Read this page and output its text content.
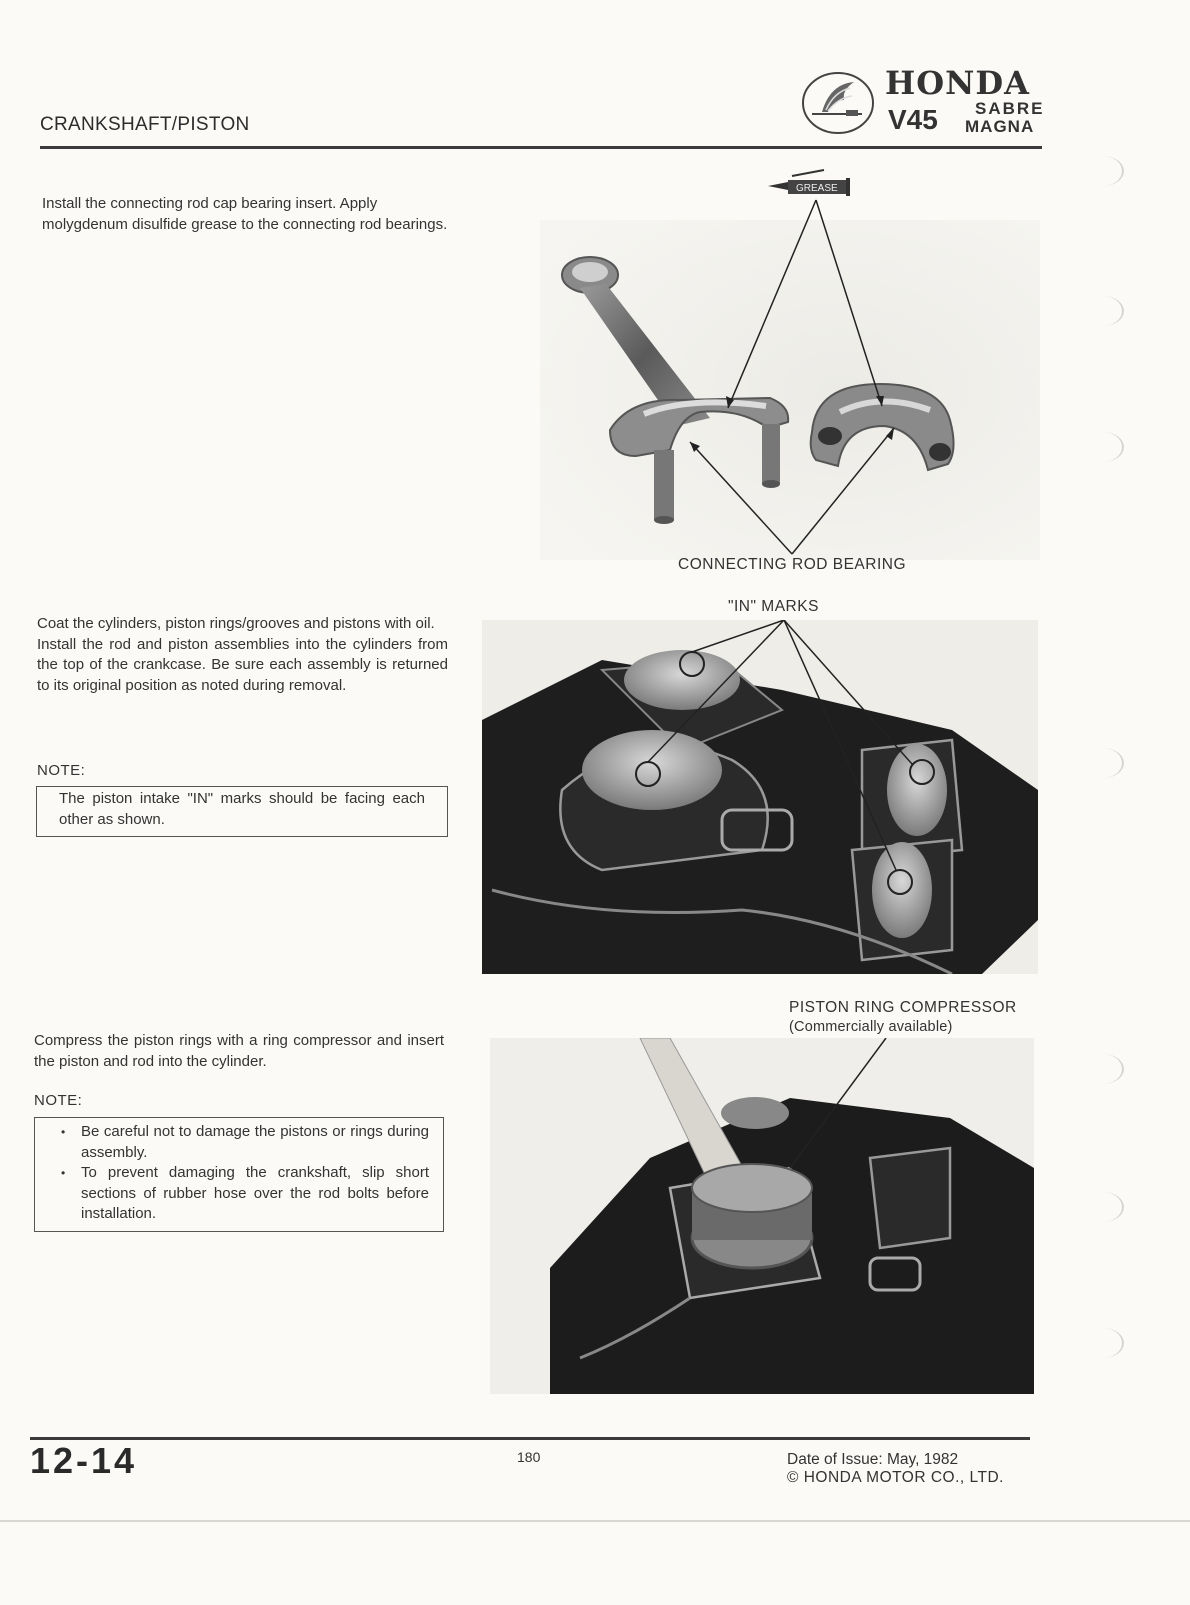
CRANKSHAFT/PISTON
HONDA
V45 SABRE
MAGNA
Install the connecting rod cap bearing insert. Apply molygdenum disulfide grease to the connecting rod bearings.
GREASE
CONNECTING ROD BEARING
Coat the cylinders, piston rings/grooves and pistons with oil.
Install the rod and piston assemblies into the cylinders from the top of the crankcase. Be sure each assembly is returned to its original position as noted during removal.
NOTE:
The piston intake "IN" marks should be facing each other as shown.
"IN" MARKS
Compress the piston rings with a ring compressor and insert the piston and rod into the cylinder.
NOTE:
• Be careful not to damage the pistons or rings during assembly.
• To prevent damaging the crankshaft, slip short sections of rubber hose over the rod bolts before installation.
PISTON RING COMPRESSOR
(Commercially available)
12-14	180	Date of Issue: May, 1982
© HONDA MOTOR CO., LTD.
